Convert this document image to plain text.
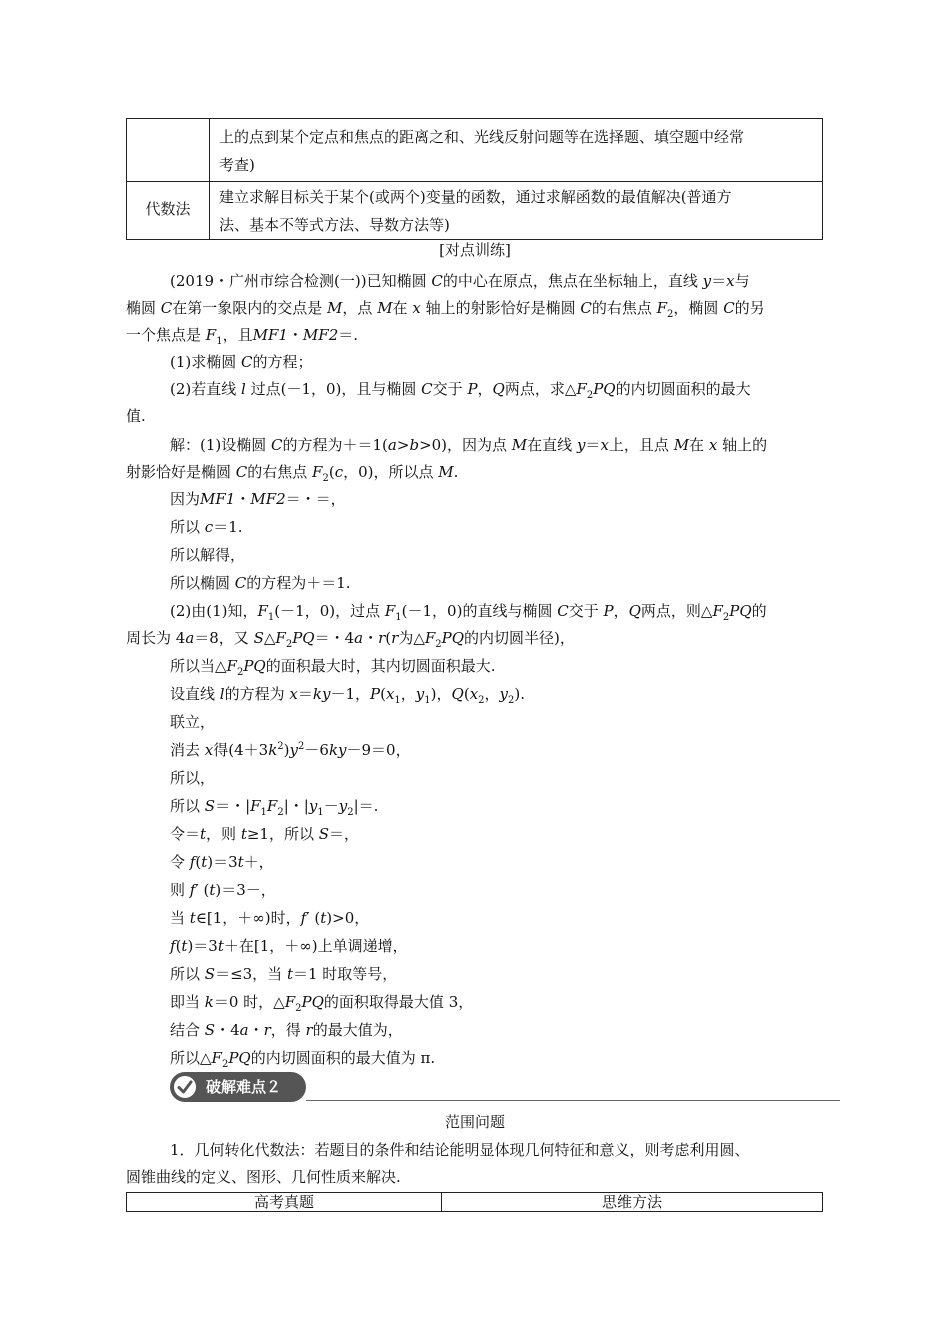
上的点到某个定点和焦点的距离之和、光线反射问题等在选择题、填空题中经常
考查)
代数法
建立求解目标关于某个(或两个)变量的函数，通过求解函数的最值解决(普通方
法、基本不等式方法、导数方法等)
[对点训练]
(2019・广州市综合检测(一))已知椭圆 C的中心在原点，焦点在坐标轴上，直线 y＝x与
椭圆 C在第一象限内的交点是 M，点 M在 x 轴上的射影恰好是椭圆 C的右焦点 $F_2$，椭圆 C的另
一个焦点是 $F_1$，且MF1・MF2＝.
(1)求椭圆 C的方程；
(2)若直线 l 过点(－1，0)，且与椭圆 C交于 P，Q两点，求$\triangle F_2PQ$的内切圆面积的最大
值.
解：(1)设椭圆 C的方程为＋＝1(a>b>0)，因为点 M在直线 y＝x上，且点 M在 x 轴上的
射影恰好是椭圆 C的右焦点 $F_2(c$，0)，所以点 M.
因为MF1・MF2＝・＝，
所以 c＝1.
所以解得，
所以椭圆 C的方程为＋＝1.
(2)由(1)知，$F_1(-1$，0)，过点 $F_1(-1$，0)的直线与椭圆 C交于 P，Q两点，则$\triangle F_2PQ$的
周长为 4a＝8，又 $S\triangle F_2PQ=$・4a・r(r为$\triangle F_2PQ$的内切圆半径)，
所以当$\triangle F_2PQ$的面积最大时，其内切圆面积最大.
设直线 l的方程为 x＝ky－1，$P(x_1$，$y_1$)，$Q(x_2$，$y_2$).
联立，
消去 x得$(4+3k^2)y^2-6ky-9=0$，
所以，
所以 S＝・$|F_1F_2|$・$|y_1-y_2|=$.
令＝t，则 t≥1，所以 S＝，
令 f(t)＝3t＋，
则 f′ (t)＝3－，
当 t∈[1，＋∞)时，f′ (t)>0，
f(t)＝3t＋在[1，＋∞)上单调递增，
所以 S＝≤3，当 t＝1 时取等号，
即当 k＝0 时，$\triangle F_2PQ$的面积取得最大值 3，
结合 S・4a・r，得 r的最大值为，
所以$\triangle F_2PQ$的内切圆面积的最大值为 π.
破解难点２
范围问题
1．几何转化代数法：若题目的条件和结论能明显体现几何特征和意义，则考虑利用圆、
圆锥曲线的定义、图形、几何性质来解决.
高考真题	思维方法
